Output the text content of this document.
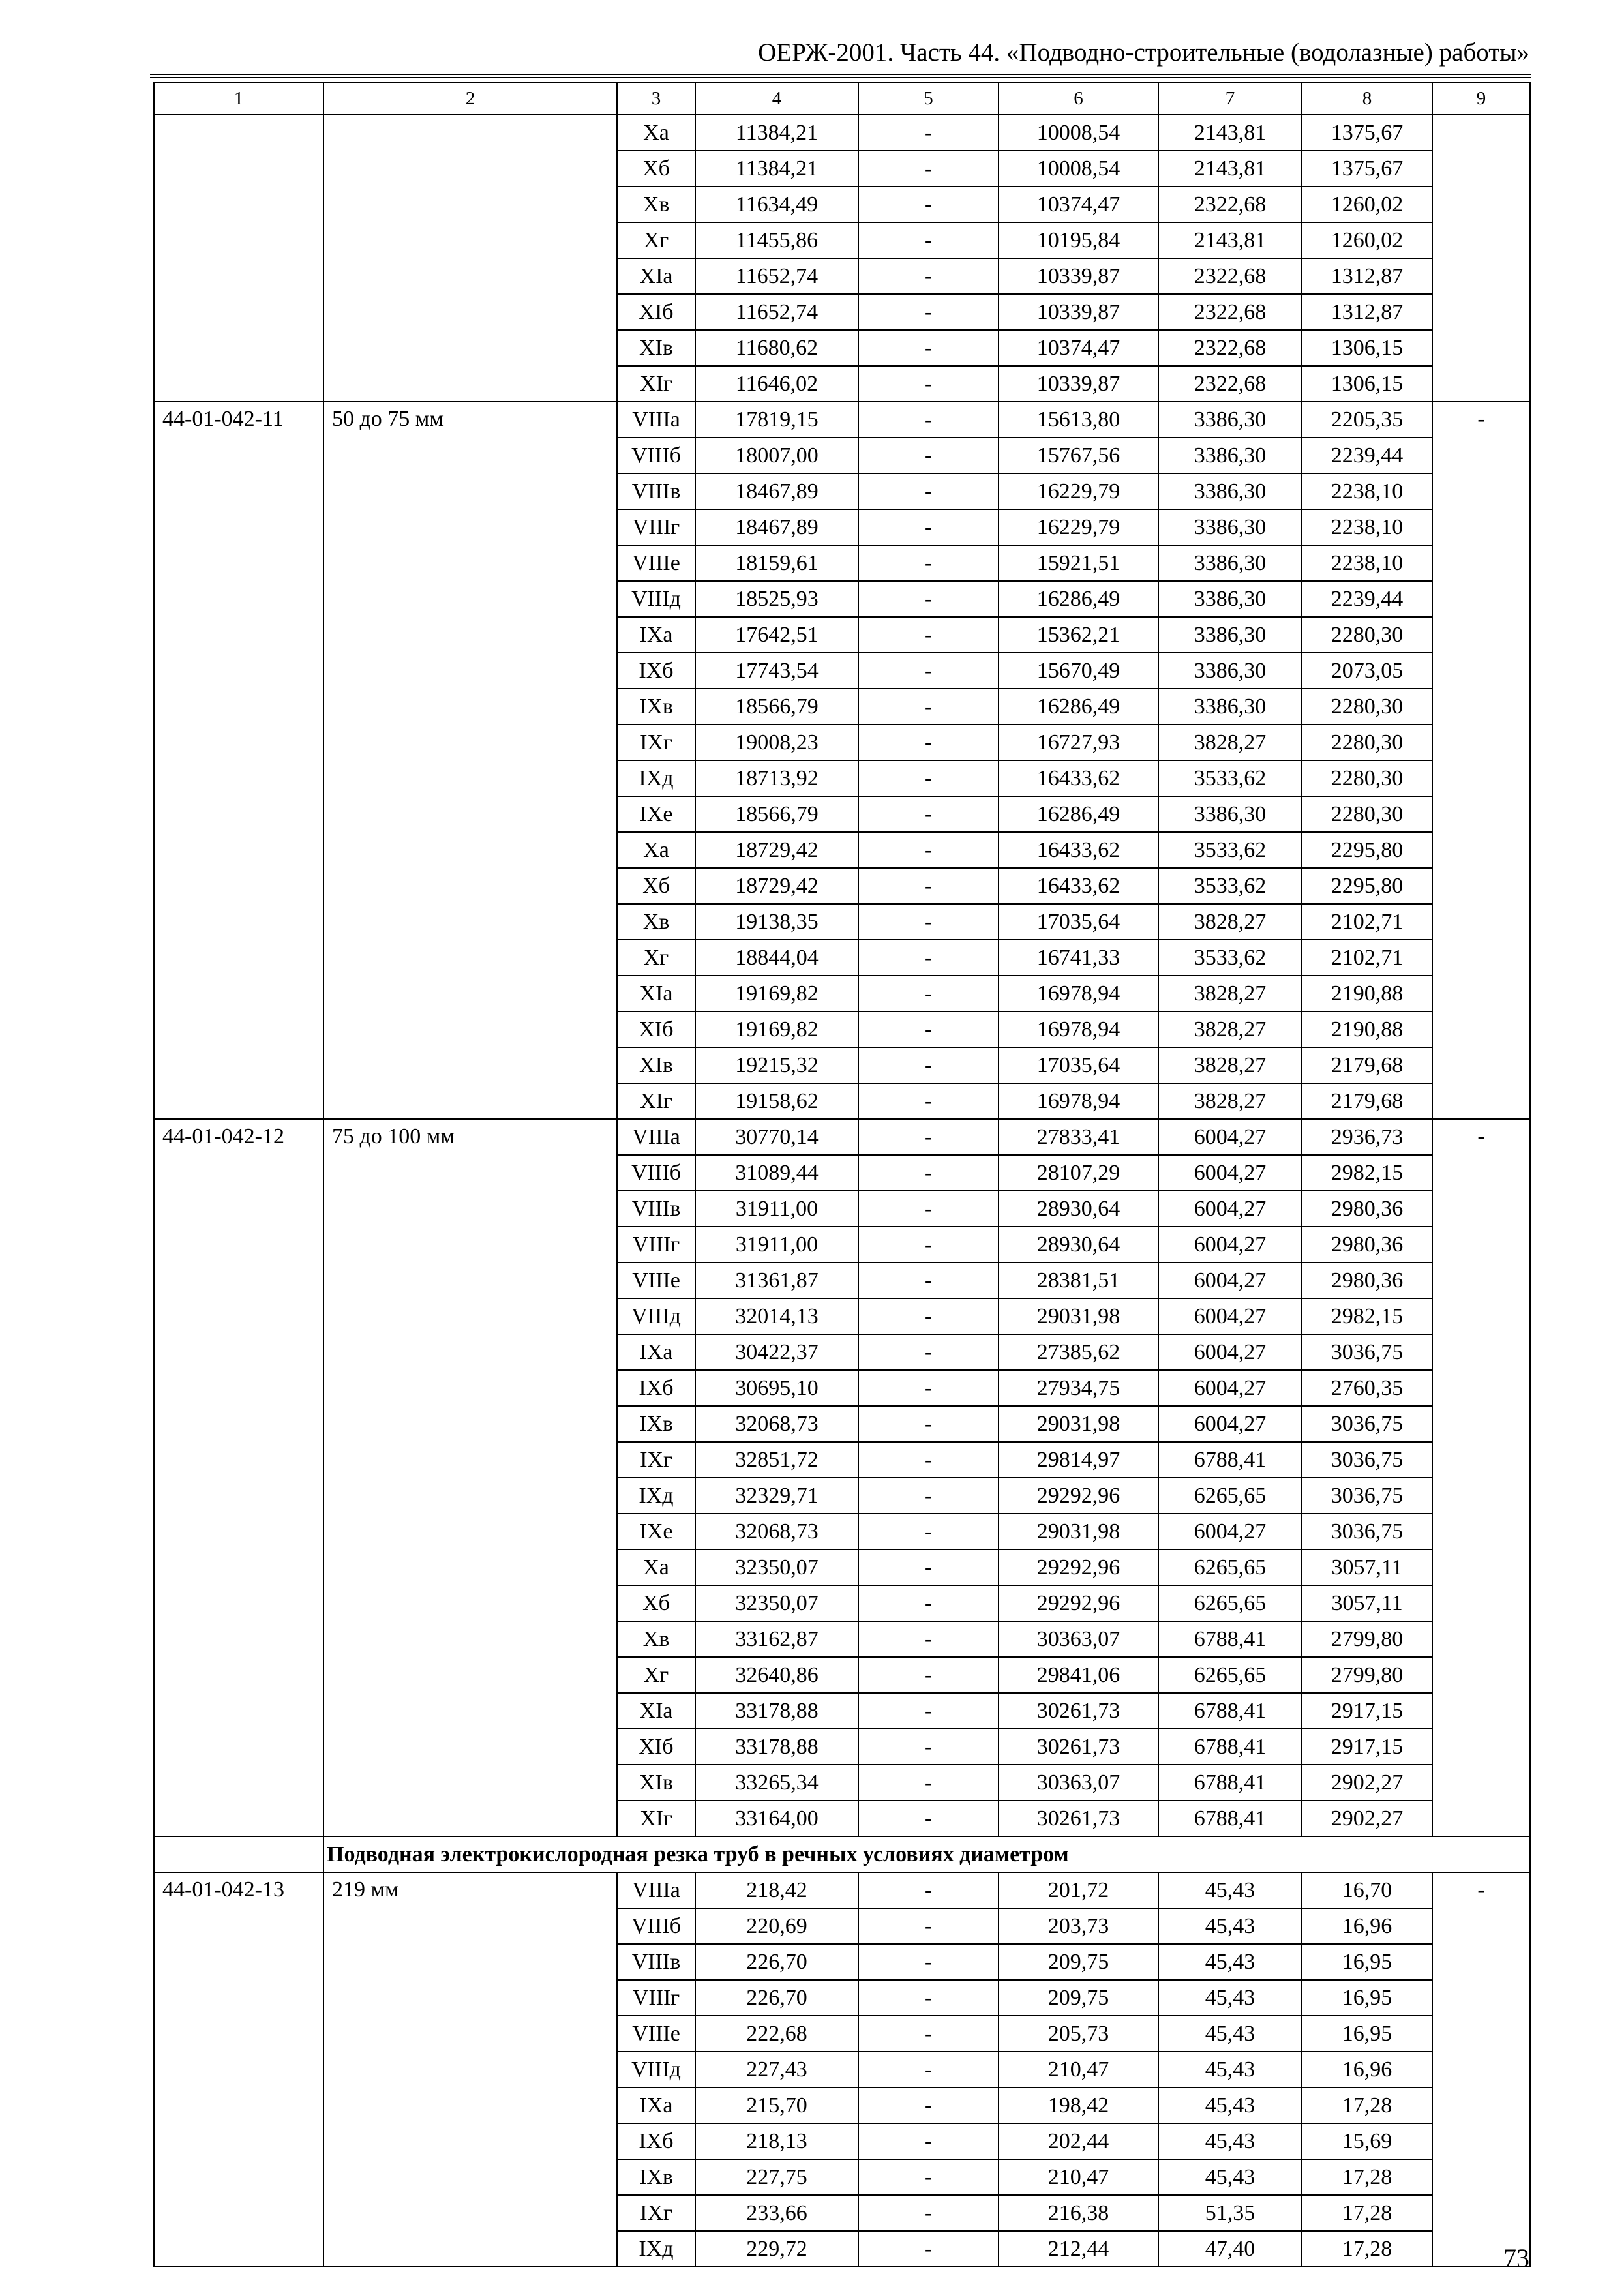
ОЕРЖ-2001. Часть 44. «Подводно-строительные (водолазные) работы»
1	2	3	4	5	6	7	8	9
		Xа	11384,21	-	10008,54	2143,81	1375,67	
		Xб	11384,21	-	10008,54	2143,81	1375,67	
		Xв	11634,49	-	10374,47	2322,68	1260,02	
		Xг	11455,86	-	10195,84	2143,81	1260,02	
		XIа	11652,74	-	10339,87	2322,68	1312,87	
		XIб	11652,74	-	10339,87	2322,68	1312,87	
		XIв	11680,62	-	10374,47	2322,68	1306,15	
		XIг	11646,02	-	10339,87	2322,68	1306,15	
44-01-042-11	50 до 75 мм	VIIIа	17819,15	-	15613,80	3386,30	2205,35	-
		VIIIб	18007,00	-	15767,56	3386,30	2239,44	
		VIIIв	18467,89	-	16229,79	3386,30	2238,10	
		VIIIг	18467,89	-	16229,79	3386,30	2238,10	
		VIIIе	18159,61	-	15921,51	3386,30	2238,10	
		VIIIд	18525,93	-	16286,49	3386,30	2239,44	
		IXа	17642,51	-	15362,21	3386,30	2280,30	
		IXб	17743,54	-	15670,49	3386,30	2073,05	
		IXв	18566,79	-	16286,49	3386,30	2280,30	
		IXг	19008,23	-	16727,93	3828,27	2280,30	
		IXд	18713,92	-	16433,62	3533,62	2280,30	
		IXе	18566,79	-	16286,49	3386,30	2280,30	
		Xа	18729,42	-	16433,62	3533,62	2295,80	
		Xб	18729,42	-	16433,62	3533,62	2295,80	
		Xв	19138,35	-	17035,64	3828,27	2102,71	
		Xг	18844,04	-	16741,33	3533,62	2102,71	
		XIа	19169,82	-	16978,94	3828,27	2190,88	
		XIб	19169,82	-	16978,94	3828,27	2190,88	
		XIв	19215,32	-	17035,64	3828,27	2179,68	
		XIг	19158,62	-	16978,94	3828,27	2179,68	
44-01-042-12	75 до 100 мм	VIIIа	30770,14	-	27833,41	6004,27	2936,73	-
		VIIIб	31089,44	-	28107,29	6004,27	2982,15	
		VIIIв	31911,00	-	28930,64	6004,27	2980,36	
		VIIIг	31911,00	-	28930,64	6004,27	2980,36	
		VIIIе	31361,87	-	28381,51	6004,27	2980,36	
		VIIIд	32014,13	-	29031,98	6004,27	2982,15	
		IXа	30422,37	-	27385,62	6004,27	3036,75	
		IXб	30695,10	-	27934,75	6004,27	2760,35	
		IXв	32068,73	-	29031,98	6004,27	3036,75	
		IXг	32851,72	-	29814,97	6788,41	3036,75	
		IXд	32329,71	-	29292,96	6265,65	3036,75	
		IXе	32068,73	-	29031,98	6004,27	3036,75	
		Xа	32350,07	-	29292,96	6265,65	3057,11	
		Xб	32350,07	-	29292,96	6265,65	3057,11	
		Xв	33162,87	-	30363,07	6788,41	2799,80	
		Xг	32640,86	-	29841,06	6265,65	2799,80	
		XIа	33178,88	-	30261,73	6788,41	2917,15	
		XIб	33178,88	-	30261,73	6788,41	2917,15	
		XIв	33265,34	-	30363,07	6788,41	2902,27	
		XIг	33164,00	-	30261,73	6788,41	2902,27	
	Подводная электрокислородная резка труб в речных условиях диаметром							
44-01-042-13	219 мм	VIIIа	218,42	-	201,72	45,43	16,70	-
		VIIIб	220,69	-	203,73	45,43	16,96	
		VIIIв	226,70	-	209,75	45,43	16,95	
		VIIIг	226,70	-	209,75	45,43	16,95	
		VIIIе	222,68	-	205,73	45,43	16,95	
		VIIIд	227,43	-	210,47	45,43	16,96	
		IXа	215,70	-	198,42	45,43	17,28	
		IXб	218,13	-	202,44	45,43	15,69	
		IXв	227,75	-	210,47	45,43	17,28	
		IXг	233,66	-	216,38	51,35	17,28	
		IXд	229,72	-	212,44	47,40	17,28		73
